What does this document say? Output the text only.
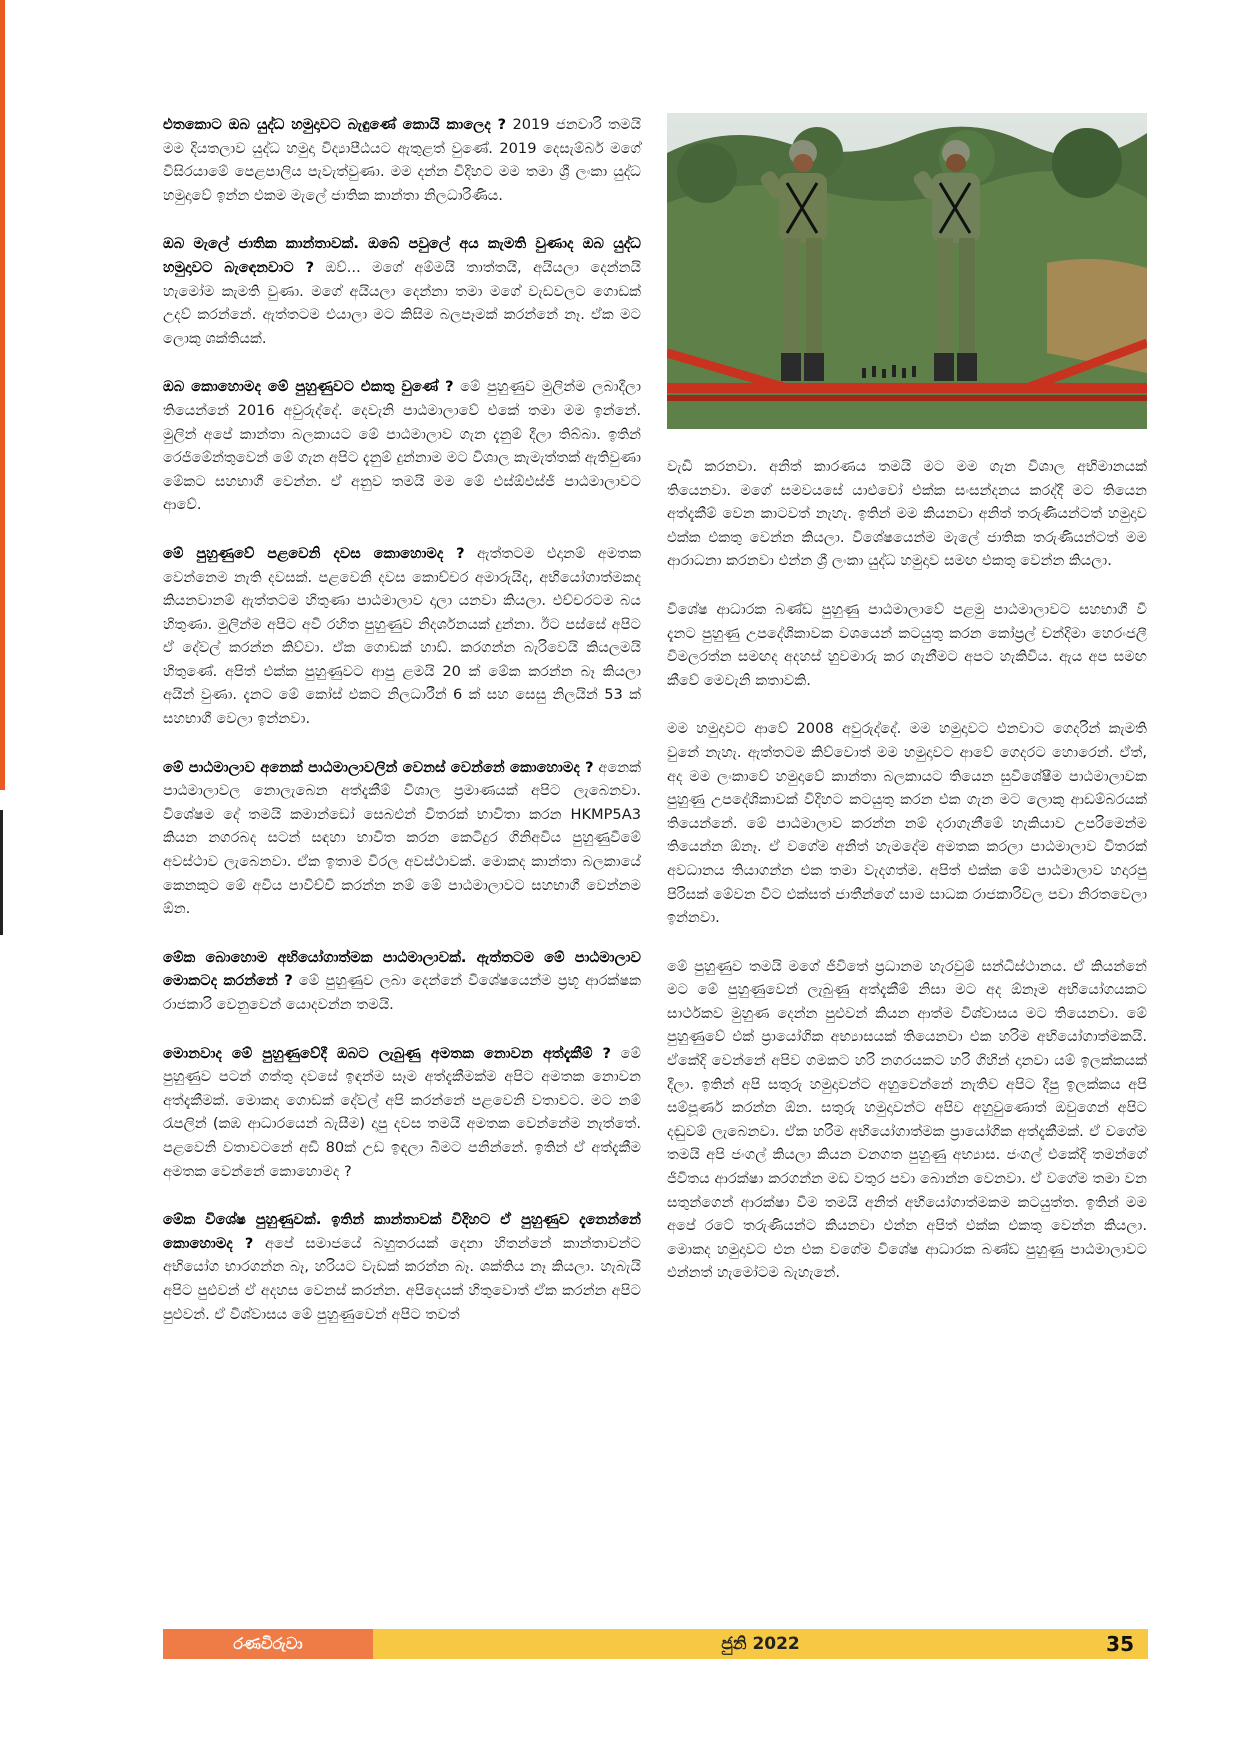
එතකොට ඔබ යුද්ධ හමුදාවට බැඳුණේ කොයි කාලෙද ? 2019 ජනවාරි තමයි මම දියතලාව යුද්ධ හමුදා විද්‍යාපීඨයට ඇතුළත් වුණේ. 2019 දෙසැම්බර් මගේ විසිරයාමේ පෙළපාලිය පැවැත්වුණා. මම දන්න විදිහට මම තමා ශ්‍රී ලංකා යුද්ධ හමුදාවේ ඉන්න එකම මැලේ ජාතික කාන්තා නිලධාරිණිය.

ඔබ මැලේ ජාතික කාන්තාවක්. ඔබේ පවුලේ අය කැමති වුණාද ඔබ යුද්ධ හමුදාවට බැඳෙනවාට ? ඔව්... මගේ අම්මයි තාත්තයි, අයියලා දෙන්නයි හැමෝම කැමති වුණා. මගේ අයියලා දෙන්නා තමා මගේ වැඩවලට ගොඩක් උදව් කරන්නේ. ඇත්තටම එයාලා මට කිසිම බලපෑමක් කරන්නේ නෑ. ඒක මට ලොකු ශක්තියක්.

ඔබ කොහොමද මේ පුහුණුවට එකතු වුණේ ? මේ පුහුණුව මුලින්ම ලබාදීලා තියෙන්නේ 2016 අවුරුද්දේ. දෙවැනි පාඨමාලාවේ එකේ තමා මම ඉන්නේ. මුලින් අපේ කාන්තා බලකායට මේ පාඨමාලාව ගැන දැනුම් දීලා තිබ්බා. ඉතින් රෙජිමේන්තුවෙන් මේ ගැන අපිට දැනුම් දුන්නාම මට විශාල කැමැත්තක් ඇතිවුණා මේකට සහභාගී වෙන්න. ඒ අනුව තමයි මම මේ එස්ඕඑස්ජී පාඨමාලාවට ආවේ.

මේ පුහුණුවේ පළවෙනි දවස කොහොමද ? ඇත්තටම එදානම් අමතක වෙන්නෙම නැති දවසක්. පළවෙනි දවස කොච්චර අමාරුයිද, අභියෝගාත්මකද කියනවානම් ඇත්තටම හිතුණා පාඨමාලාව දාලා යනවා කියලා. එච්චරටම බය හිතුණා. මුලින්ම අපිට අවි රහිත පුහුණුව නිදර්ශනයක් දුන්නා. ඊට පස්සේ අපිට ඒ දේවල් කරන්න කිව්වා. ඒක ගොඩක් හාඩ්. කරගන්න බැරිවෙයි කියලමයි හිතුණේ. අපිත් එක්ක පුහුණුවට ආපු ළමයි 20 ක් මේක කරන්න බෑ කියලා අයින් වුණා. දැනට මේ කෝස් එකට නිලධාරීන් 6 ක් සහ සෙසු නිලයින් 53 ක් සහභාගී වෙලා ඉන්නවා.

මේ පාඨමාලාව අනෙක් පාඨමාලාවලින් වෙනස් වෙන්නේ කොහොමද ? අනෙක් පාඨමාලාවල නොලැබෙන අත්දැකීම් විශාල ප්‍රමාණයක් අපිට ලැබෙනවා. විශේෂම දේ තමයි කමාන්ඩෝ සෙබළුන් විතරක් භාවිතා කරන HKMP5A3 කියන නගරබද සටන් සඳහා භාවිත කරන කෙටිදුර ගිනිඅවිය පුහුණුවීමේ අවස්ථාව ලැබෙනවා. ඒක ඉතාම විරල අවස්ථාවක්. මොකද කාන්තා බලකායේ කෙනකුට මේ අවිය පාවිච්චි කරන්න නම් මේ පාඨමාලාවට සහභාගී වෙන්නම ඕන.

මේක බොහොම අභියෝගාත්මක පාඨමාලාවක්. ඇත්තටම මේ පාඨමාලාව මොකටද කරන්නේ ? මේ පුහුණුව ලබා දෙන්නේ විශේෂයෙන්ම ප්‍රභූ ආරක්ෂක රාජකාරි වෙනුවෙන් යොදවන්න තමයි.

මොනවාද මේ පුහුණුවේදී ඔබට ලැබුණු අමතක නොවන අත්දැකීම් ? මේ පුහුණුව පටන් ගත්තු දවසේ ඉඳන්ම සෑම අත්දැකීමක්ම අපිට අමතක නොවන අත්දැකීමක්. මොකද ගොඩක් දේවල් අපි කරන්නේ පළවෙනි වතාවට. මට නම් රැපලින් (කඹ ආධාරයෙන් බැසීම) දාපු දවස තමයි අමතක වෙන්නේම නැත්තේ. පළවෙනි වතාවටනේ අඩි 80ක් උඩ ඉඳලා බිමට පනින්නේ. ඉතින් ඒ අත්දැකීම අමතක වෙන්නේ කොහොමද ?

මේක විශේෂ පුහුණුවක්. ඉතින් කාන්තාවක් විදිහට ඒ පුහුණුව දැනෙන්නේ කොහොමද ? අපේ සමාජයේ බහුතරයක් දෙනා හිතන්නේ කාන්තාවන්ට අභියෝග භාරගන්න බෑ, හරියට වැඩක් කරන්න බෑ. ශක්තිය නෑ කියලා. හැබැයි අපිට පුළුවන් ඒ අදහස වෙනස් කරන්න. අපිදෙයක් හිතුවොත් ඒක කරන්න අපිට පුළුවන්. ඒ විශ්වාසය මේ පුහුණුවෙන් අපිට තවත්

වැඩි කරනවා. අනිත් කාරණය තමයි මට මම ගැන විශාල අභිමානයක් තියෙනවා. මගේ සමවයසේ යාළුවෝ එක්ක සංසන්දනය කරද්දී මට තියෙන අත්දැකීම් වෙන කාටවත් නැහැ. ඉතින් මම කියනවා අනිත් තරුණියන්ටත් හමුදාව එක්ක එකතු වෙන්න කියලා. විශේෂයෙන්ම මැලේ ජාතික තරුණියන්ටත් මම ආරාධනා කරනවා එන්න ශ්‍රී ලංකා යුද්ධ හමුදාව සමඟ එකතු වෙන්න කියලා.

විශේෂ ආධාරක බණ්ඩ පුහුණු පාඨමාලාවේ පළමු පාඨමාලාවට සහභාගී වී දැනට පුහුණු උපදේශිකාවක වශයෙන් කටයුතු කරන කෝප්‍රල් චන්දිමා හෙරංජලී විමලරත්න සමඟද අදහස් හුවමාරු කර ගැනීමට අපට හැකිවිය. ඇය අප සමඟ කීවේ මෙවැනි කතාවකි.

මම හමුදාවට ආවේ 2008 අවුරුද්දේ. මම හමුදාවට එනවාට ගෙදරින් කැමති වුනේ නැහැ. ඇත්තටම කිව්වොත් මම හමුදාවට ආවේ ගෙදරට හොරෙන්. ඒත්, අද මම ලංකාවේ හමුදාවේ කාන්තා බලකායට තියෙන සුවිශේෂීම පාඨමාලාවක පුහුණු උපදේශිකාවක් විදිහට කටයුතු කරන එක ගැන මට ලොකු ආඩම්බරයක් තියෙන්නේ. මේ පාඨමාලාව කරන්න නම් දරාගැනීමේ හැකියාව උපරිමෙන්ම තියෙන්න ඕනෑ. ඒ වගේම අනිත් හැමදේම අමතක කරලා පාඨමාලාව විතරක් අවධානය තියාගන්න එක තමා වැදගත්ම. අපිත් එක්ක මේ පාඨමාලාව හදාරපු පිරිසක් මේවන විට එක්සත් ජාතීන්ගේ සාම සාධක රාජකාරිවල පවා නිරතවෙලා ඉන්නවා.

මේ පුහුණුව තමයි මගේ ජීවිතේ ප්‍රධානම හැරවුම් සන්ධිස්ථානය. ඒ කියන්නේ මට මේ පුහුණුවෙන් ලැබුණු අත්දැකීම් නිසා මට අද ඕනෑම අභියෝගයකට සාර්ථකව මුහුණ දෙන්න පුළුවන් කියන ආත්ම විශ්වාසය මට තියෙනවා. මේ පුහුණුවේ එක් ප්‍රායෝගික අභ්‍යාසයක් තියෙනවා එක හරිම අභියෝගාත්මකයි. ඒකේදි වෙන්නේ අපිව ගමකට හරි නගරයකට හරි ගිහින් දානවා යම් ඉලක්කයක් දීලා. ඉතින් අපි සතුරු හමුදාවන්ට අහුවෙන්නේ නැතිව අපිට දීපු ඉලක්කය අපි සම්පූර්ණ කරන්න ඕන. සතුරු හමුදාවන්ට අපිව අහුවුණොත් ඔවුගෙන් අපිට දඬුවම් ලැබෙනවා. ඒක හරිම අභියෝගාත්මක ප්‍රායෝගික අත්දැකීමක්. ඒ වගේම තමයි අපි ජංගල් කියලා කියන වනගත පුහුණු අභ්‍යාස. ජංගල් එකේදි තමන්ගේ ජීවිතය ආරක්ෂා කරගන්න මඩ වතුර පවා බොන්න වෙනවා. ඒ වගේම තමා වන සතුන්ගෙන් ආරක්ෂා වීම තමයි අනිත් අභියෝගාත්මකම කටයුත්ත. ඉතින් මම අපේ රටේ තරුණියන්ට කියනවා එන්න අපිත් එක්ක එකතු වෙන්න කියලා. මොකද හමුදාවට එන එක වගේම විශේෂ ආධාරක බණ්ඩ පුහුණු පාඨමාලාවට එන්නත් හැමෝටම බැහැනේ.

රණවිරුවා	ජුනි 2022	35
